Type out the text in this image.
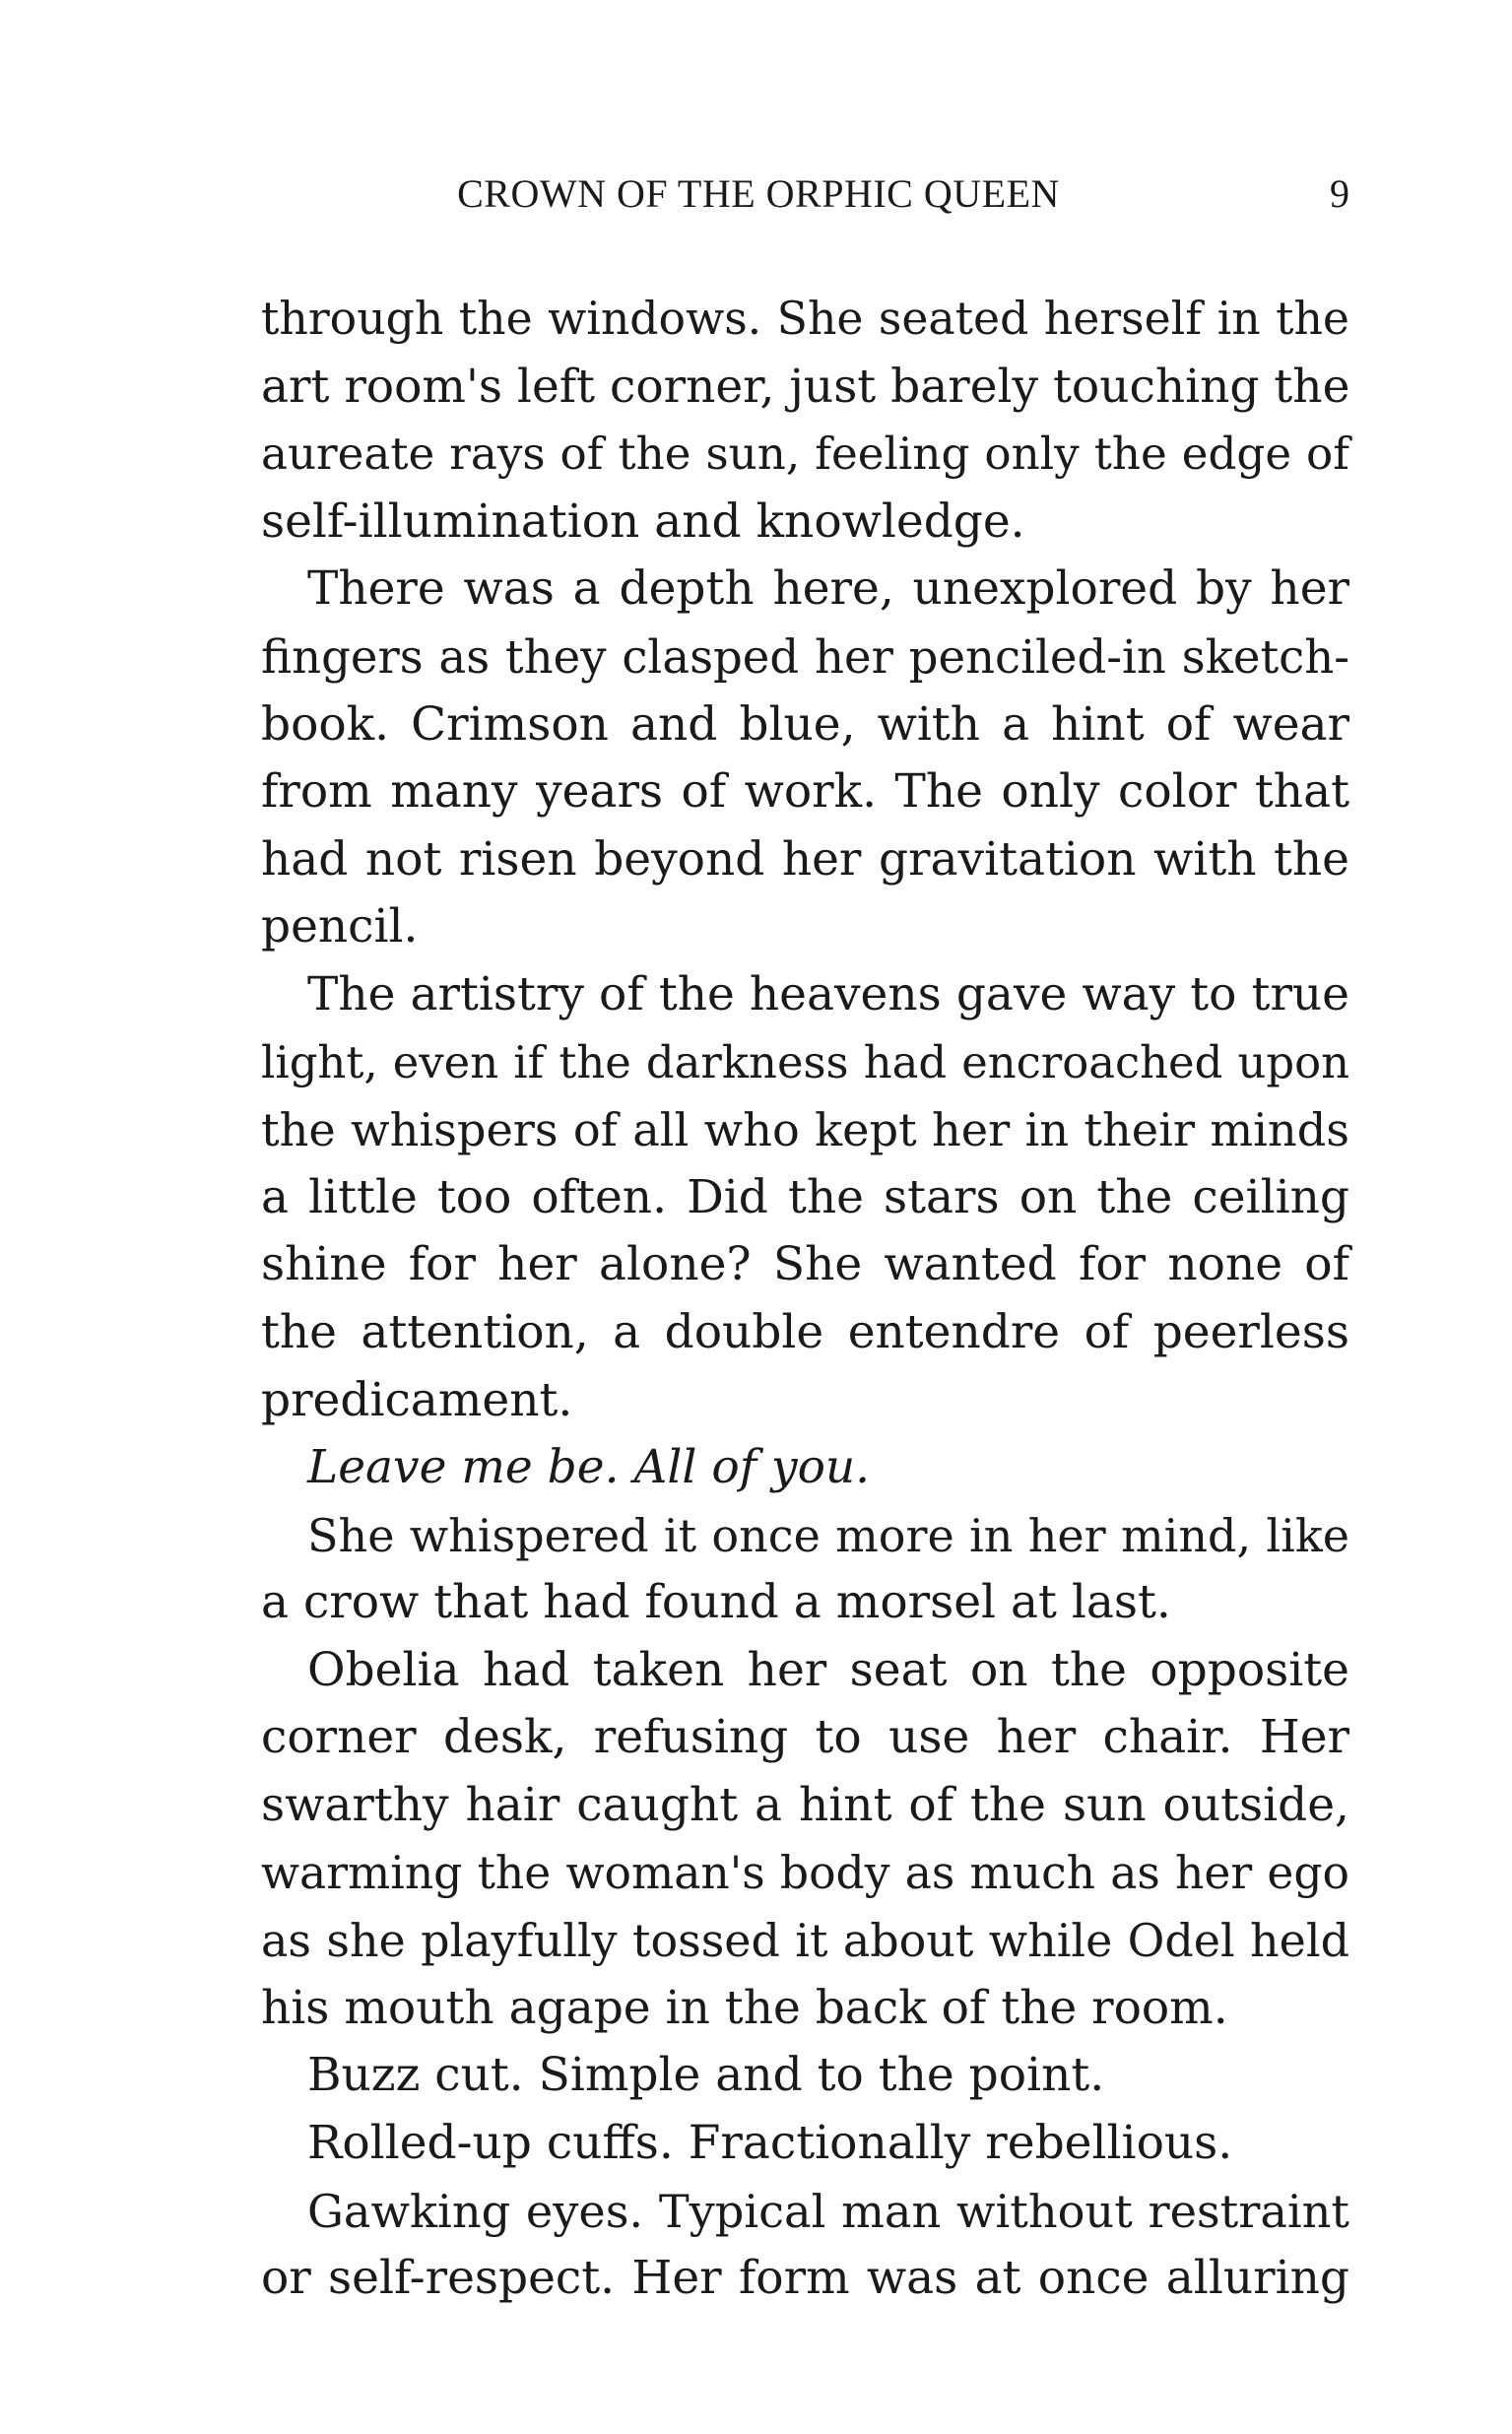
CROWN OF THE ORPHIC QUEEN	9
through the windows. She seated herself in the
art room's left corner, just barely touching the
aureate rays of the sun, feeling only the edge of
self-illumination and knowledge.
There was a depth here, unexplored by her
fingers as they clasped her penciled-in sketch-
book. Crimson and blue, with a hint of wear
from many years of work. The only color that
had not risen beyond her gravitation with the
pencil.
The artistry of the heavens gave way to true
light, even if the darkness had encroached upon
the whispers of all who kept her in their minds
a little too often. Did the stars on the ceiling
shine for her alone? She wanted for none of
the attention, a double entendre of peerless
predicament.
Leave me be. All of you.
She whispered it once more in her mind, like
a crow that had found a morsel at last.
Obelia had taken her seat on the opposite
corner desk, refusing to use her chair. Her
swarthy hair caught a hint of the sun outside,
warming the woman's body as much as her ego
as she playfully tossed it about while Odel held
his mouth agape in the back of the room.
Buzz cut. Simple and to the point.
Rolled-up cuffs. Fractionally rebellious.
Gawking eyes. Typical man without restraint
or self-respect. Her form was at once alluring
